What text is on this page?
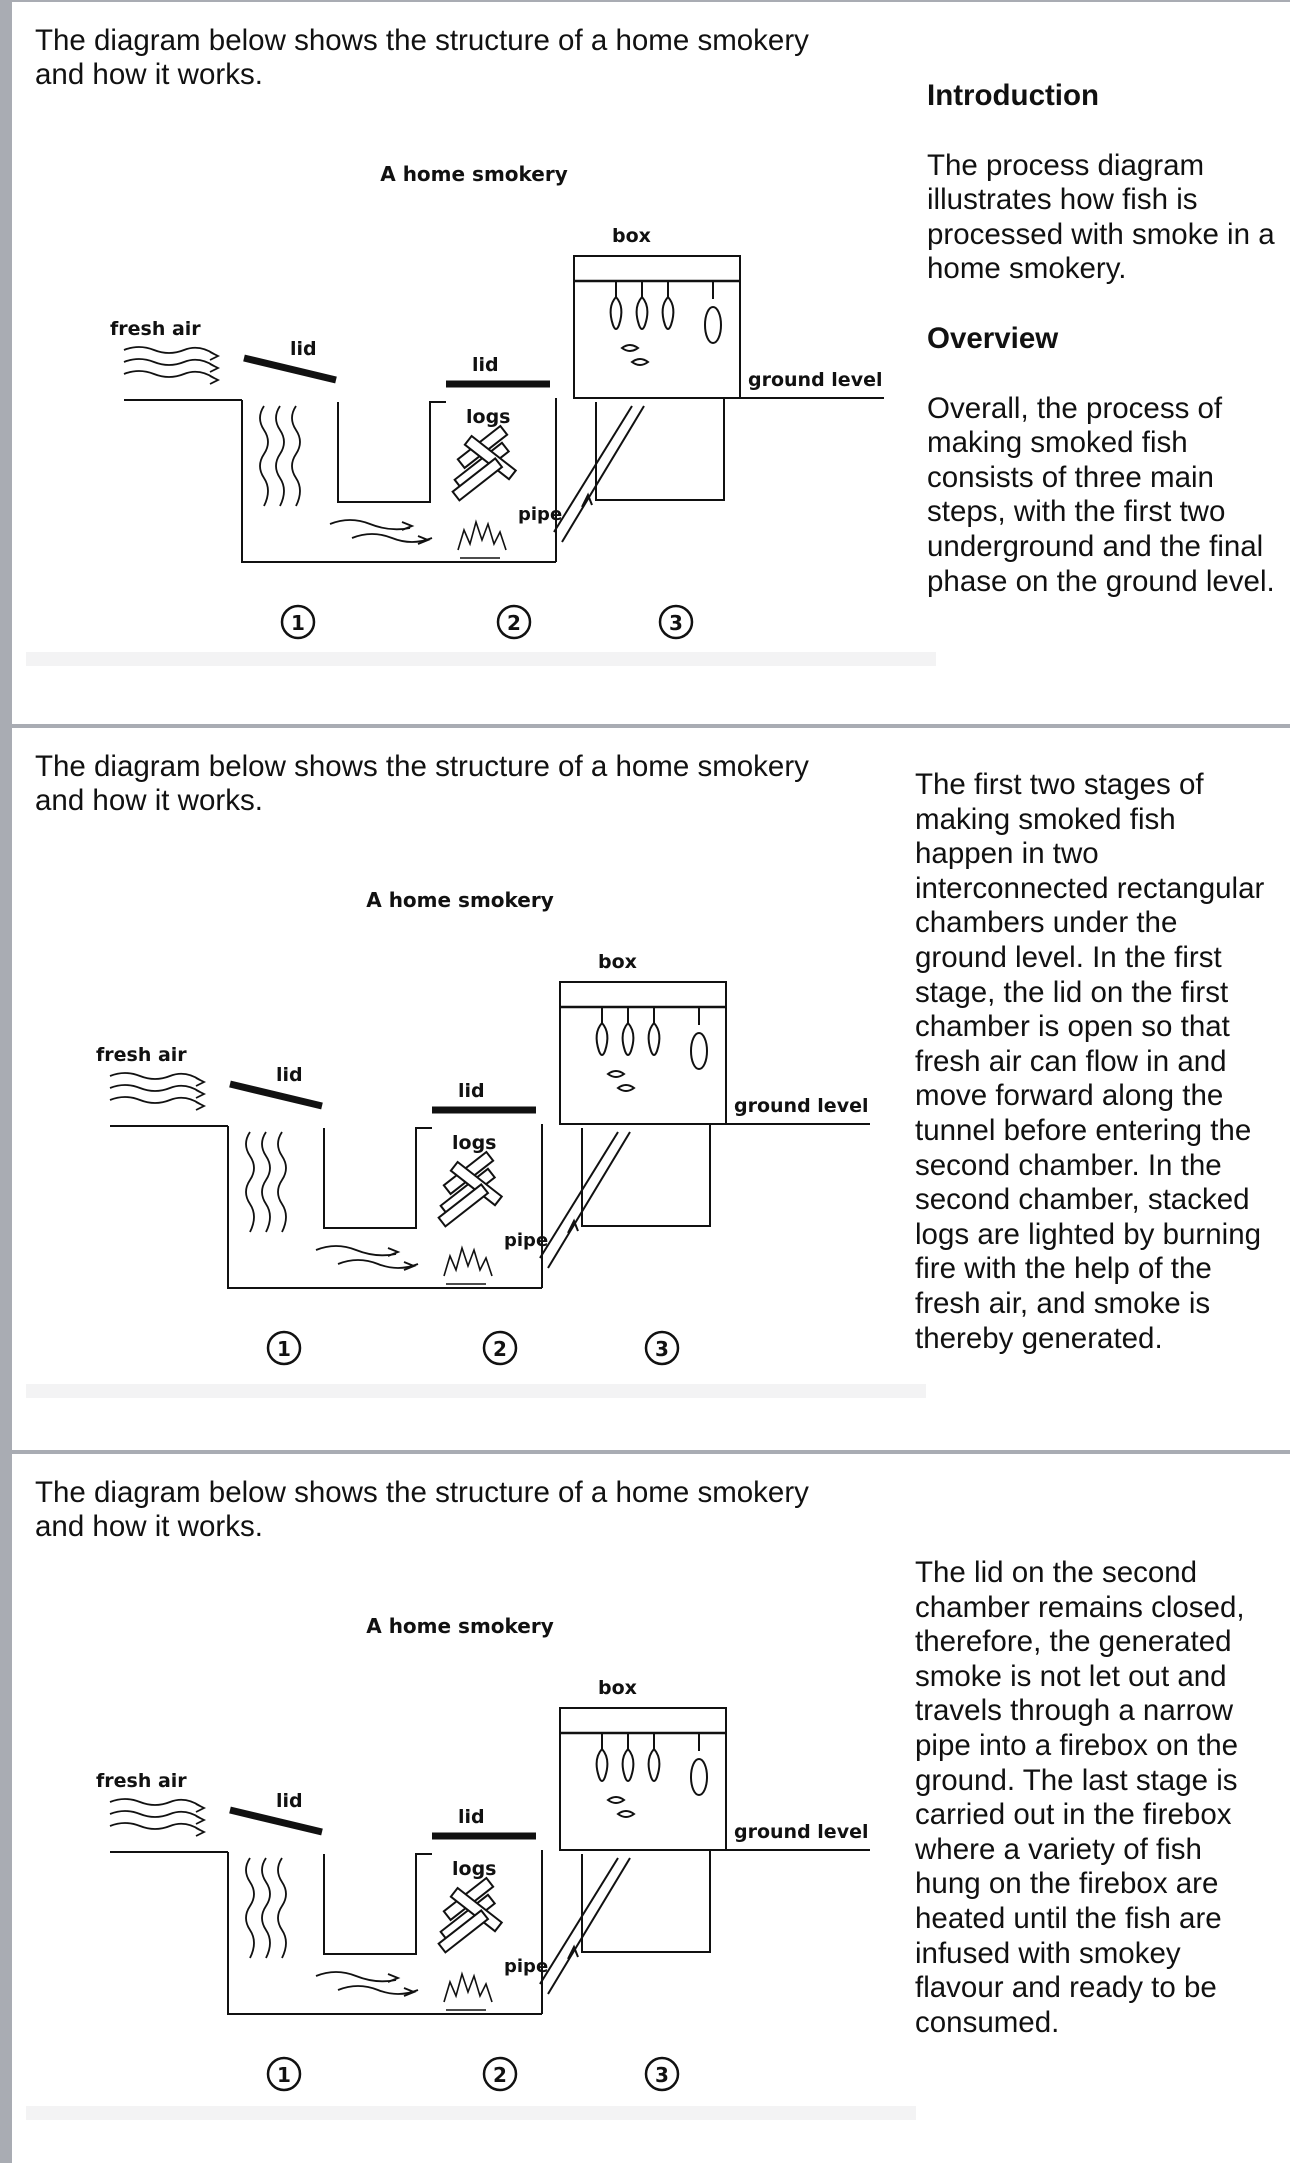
The diagram below shows the structure of a home smokery and how it works.
A home smokery
box
ground level
fresh air
lid
lid
logs
pipe
1	2	3

Introduction

The process diagram illustrates how fish is processed with smoke in a home smokery.

Overview

Overall, the process of making smoked fish consists of three main steps, with the first two underground and the final phase on the ground level.

The diagram below shows the structure of a home smokery and how it works.
A home smokery
box
ground level
fresh air
lid
lid
logs
pipe
1	2	3

The first two stages of making smoked fish happen in two interconnected rectangular chambers under the ground level. In the first stage, the lid on the first chamber is open so that fresh air can flow in and move forward along the tunnel before entering the second chamber. In the second chamber, stacked logs are lighted by burning fire with the help of the fresh air, and smoke is thereby generated.

The diagram below shows the structure of a home smokery and how it works.
A home smokery
box
ground level
fresh air
lid
lid
logs
pipe
1	2	3

The lid on the second chamber remains closed, therefore, the generated smoke is not let out and travels through a narrow pipe into a firebox on the ground. The last stage is carried out in the firebox where a variety of fish hung on the firebox are heated until the fish are infused with smokey flavour and ready to be consumed.
